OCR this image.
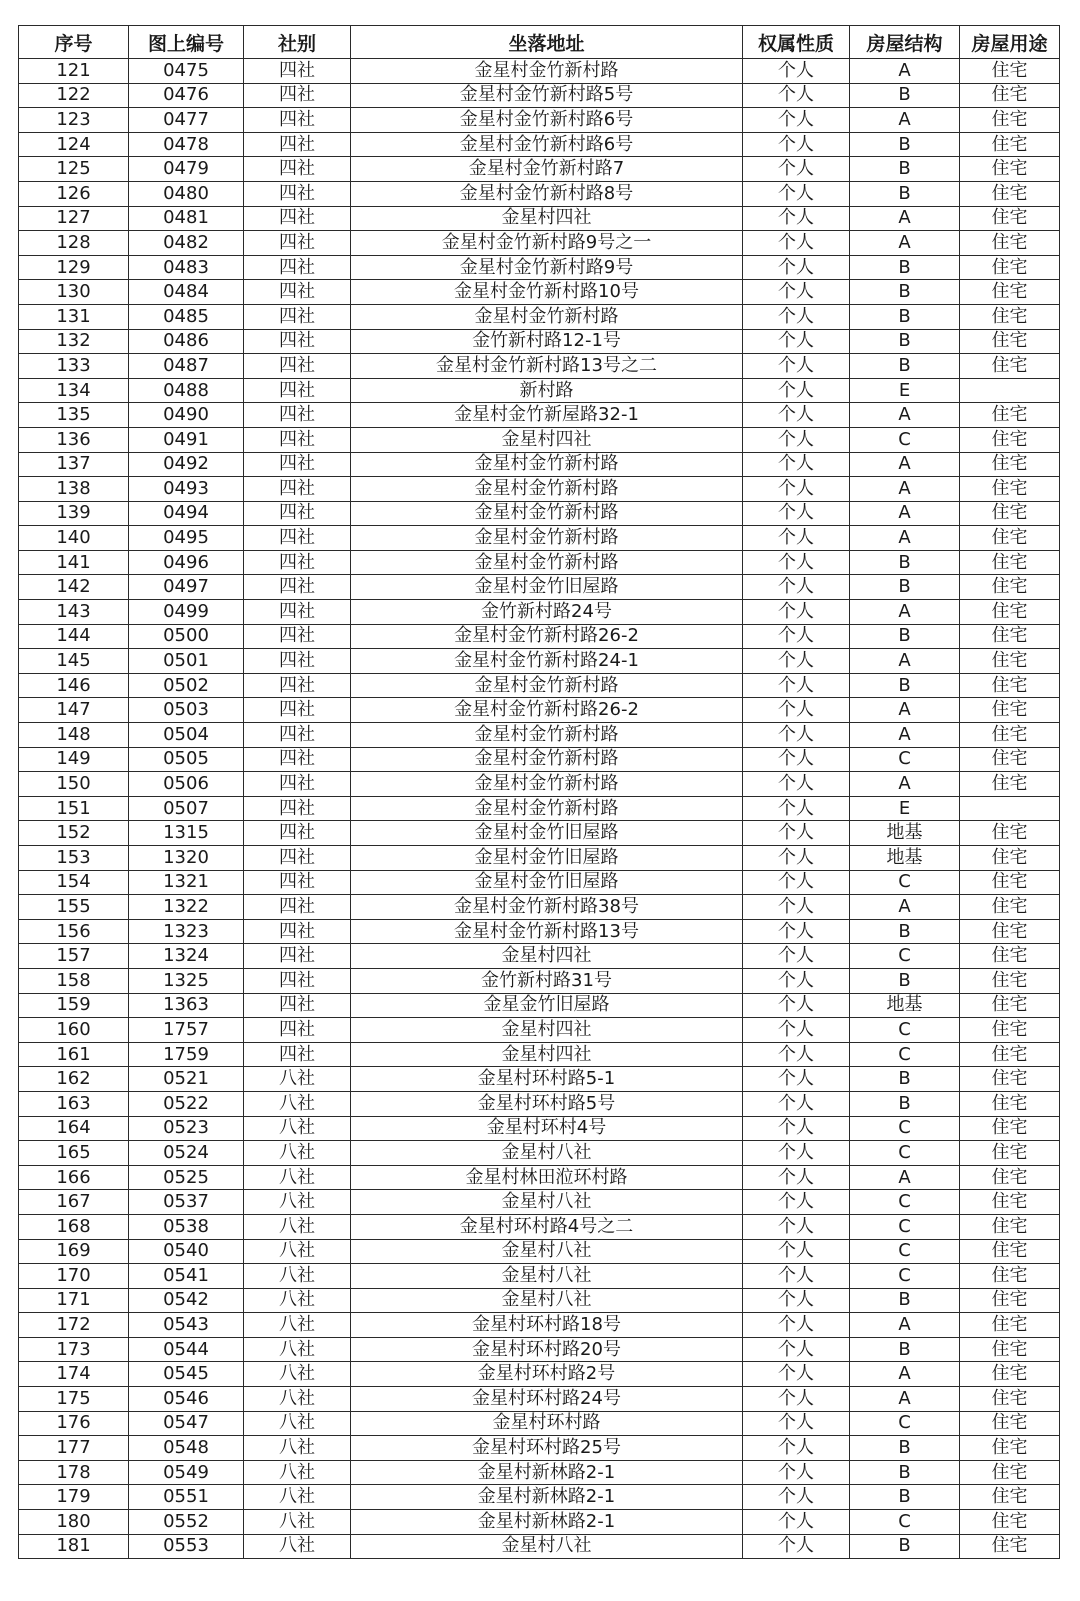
序号	图上编号	社别	坐落地址	权属性质	房屋结构	房屋用途
121	0475	四社	金星村金竹新村路	个人	A	住宅
122	0476	四社	金星村金竹新村路5号	个人	B	住宅
123	0477	四社	金星村金竹新村路6号	个人	A	住宅
124	0478	四社	金星村金竹新村路6号	个人	B	住宅
125	0479	四社	金星村金竹新村路7	个人	B	住宅
126	0480	四社	金星村金竹新村路8号	个人	B	住宅
127	0481	四社	金星村四社	个人	A	住宅
128	0482	四社	金星村金竹新村路9号之一	个人	A	住宅
129	0483	四社	金星村金竹新村路9号	个人	B	住宅
130	0484	四社	金星村金竹新村路10号	个人	B	住宅
131	0485	四社	金星村金竹新村路	个人	B	住宅
132	0486	四社	金竹新村路12-1号	个人	B	住宅
133	0487	四社	金星村金竹新村路13号之二	个人	B	住宅
134	0488	四社	新村路	个人	E	
135	0490	四社	金星村金竹新屋路32-1	个人	A	住宅
136	0491	四社	金星村四社	个人	C	住宅
137	0492	四社	金星村金竹新村路	个人	A	住宅
138	0493	四社	金星村金竹新村路	个人	A	住宅
139	0494	四社	金星村金竹新村路	个人	A	住宅
140	0495	四社	金星村金竹新村路	个人	A	住宅
141	0496	四社	金星村金竹新村路	个人	B	住宅
142	0497	四社	金星村金竹旧屋路	个人	B	住宅
143	0499	四社	金竹新村路24号	个人	A	住宅
144	0500	四社	金星村金竹新村路26-2	个人	B	住宅
145	0501	四社	金星村金竹新村路24-1	个人	A	住宅
146	0502	四社	金星村金竹新村路	个人	B	住宅
147	0503	四社	金星村金竹新村路26-2	个人	A	住宅
148	0504	四社	金星村金竹新村路	个人	A	住宅
149	0505	四社	金星村金竹新村路	个人	C	住宅
150	0506	四社	金星村金竹新村路	个人	A	住宅
151	0507	四社	金星村金竹新村路	个人	E	
152	1315	四社	金星村金竹旧屋路	个人	地基	住宅
153	1320	四社	金星村金竹旧屋路	个人	地基	住宅
154	1321	四社	金星村金竹旧屋路	个人	C	住宅
155	1322	四社	金星村金竹新村路38号	个人	A	住宅
156	1323	四社	金星村金竹新村路13号	个人	B	住宅
157	1324	四社	金星村四社	个人	C	住宅
158	1325	四社	金竹新村路31号	个人	B	住宅
159	1363	四社	金星金竹旧屋路	个人	地基	住宅
160	1757	四社	金星村四社	个人	C	住宅
161	1759	四社	金星村四社	个人	C	住宅
162	0521	八社	金星村环村路5-1	个人	B	住宅
163	0522	八社	金星村环村路5号	个人	B	住宅
164	0523	八社	金星村环村4号	个人	C	住宅
165	0524	八社	金星村八社	个人	C	住宅
166	0525	八社	金星村林田涖环村路	个人	A	住宅
167	0537	八社	金星村八社	个人	C	住宅
168	0538	八社	金星村环村路4号之二	个人	C	住宅
169	0540	八社	金星村八社	个人	C	住宅
170	0541	八社	金星村八社	个人	C	住宅
171	0542	八社	金星村八社	个人	B	住宅
172	0543	八社	金星村环村路18号	个人	A	住宅
173	0544	八社	金星村环村路20号	个人	B	住宅
174	0545	八社	金星村环村路2号	个人	A	住宅
175	0546	八社	金星村环村路24号	个人	A	住宅
176	0547	八社	金星村环村路	个人	C	住宅
177	0548	八社	金星村环村路25号	个人	B	住宅
178	0549	八社	金星村新林路2-1	个人	B	住宅
179	0551	八社	金星村新林路2-1	个人	B	住宅
180	0552	八社	金星村新林路2-1	个人	C	住宅
181	0553	八社	金星村八社	个人	B	住宅
